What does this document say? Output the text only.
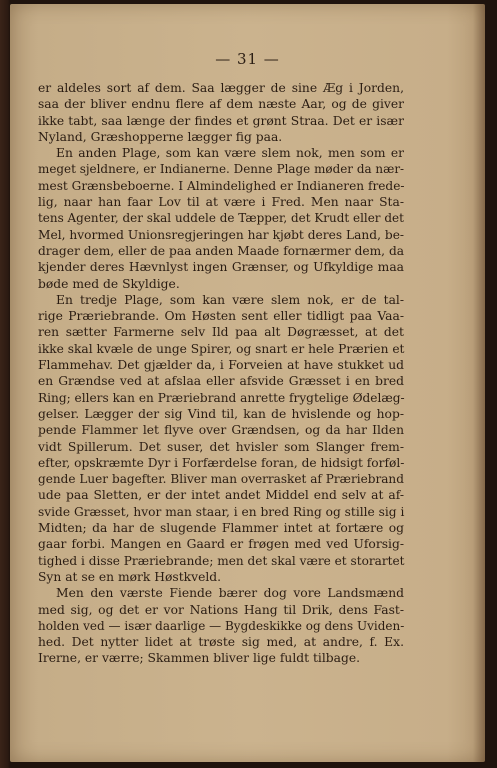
— 31 —
er aldeles sort af dem. Saa lægger de sine Æg i Jorden,
saa der bliver endnu flere af dem næste Aar, og de giver
ikke tabt, saa længe der findes et grønt Straa. Det er især
Nyland, Græshopperne lægger fig paa.
En anden Plage, som kan være slem nok, men som er
meget sjeldnere, er Indianerne. Denne Plage møder da nær-
mest Grænsbeboerne. I Almindelighed er Indianeren frede-
lig, naar han faar Lov til at være i Fred. Men naar Sta-
tens Agenter, der skal uddele de Tæpper, det Krudt eller det
Mel, hvormed Unionsregjeringen har kjøbt deres Land, be-
drager dem, eller de paa anden Maade fornærmer dem, da
kjender deres Hævnlyst ingen Grænser, og Ufkyldige maa
bøde med de Skyldige.
En tredje Plage, som kan være slem nok, er de tal-
rige Præriebrande. Om Høsten sent eller tidligt paa Vaa-
ren sætter Farmerne selv Ild paa alt Døgræsset, at det
ikke skal kvæle de unge Spirer, og snart er hele Prærien et
Flammehav. Det gjælder da, i Forveien at have stukket ud
en Grændse ved at afslaa eller afsvide Græsset i en bred
Ring; ellers kan en Præriebrand anrette frygtelige Ødelæg-
gelser. Lægger der sig Vind til, kan de hvislende og hop-
pende Flammer let flyve over Grændsen, og da har Ilden
vidt Spillerum. Det suser, det hvisler som Slanger frem-
efter, opskræmte Dyr i Forfærdelse foran, de hidsigt forføl-
gende Luer bagefter. Bliver man overrasket af Præriebrand
ude paa Sletten, er der intet andet Middel end selv at af-
svide Græsset, hvor man staar, i en bred Ring og stille sig i
Midten; da har de slugende Flammer intet at fortære og
gaar forbi. Mangen en Gaard er frøgen med ved Uforsig-
tighed i disse Præriebrande; men det skal være et storartet
Syn at se en mørk Høstkveld.
Men den værste Fiende bærer dog vore Landsmænd
med sig, og det er vor Nations Hang til Drik, dens Fast-
holden ved — især daarlige — Bygdeskikke og dens Uviden-
hed. Det nytter lidet at trøste sig med, at andre, f. Ex.
Irerne, er værre; Skammen bliver lige fuldt tilbage.
